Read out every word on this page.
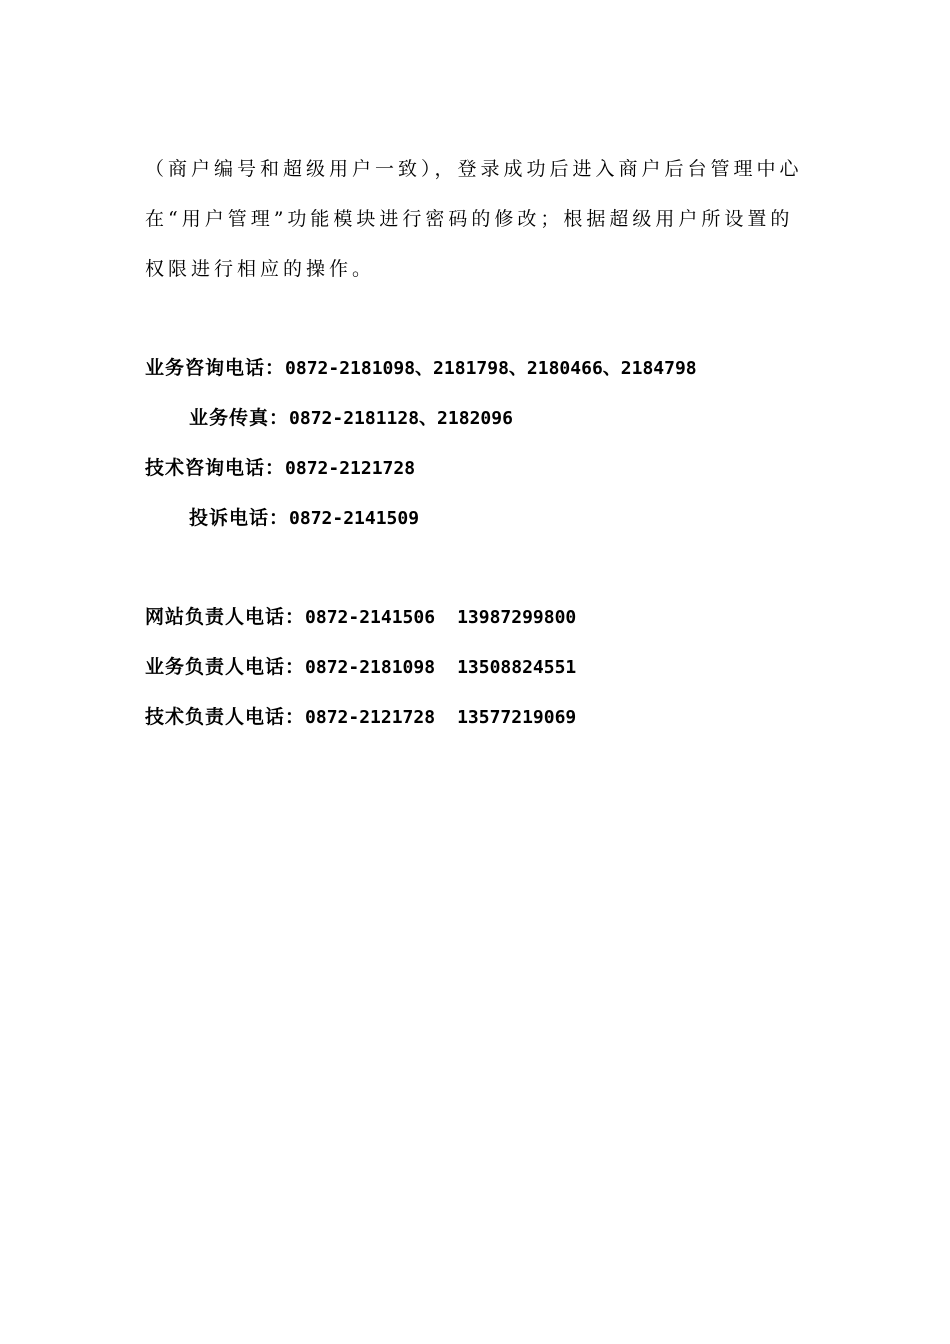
（商户编号和超级用户一致），登录成功后进入商户后台管理中心
在“用户管理”功能模块进行密码的修改；根据超级用户所设置的
权限进行相应的操作。
业务咨询电话：0872-2181098、2181798、2180466、2184798
业务传真：0872-2181128、2182096
技术咨询电话：0872-2121728
投诉电话：0872-2141509
网站负责人电话：0872-2141506 13987299800
业务负责人电话：0872-2181098 13508824551
技术负责人电话：0872-2121728 13577219069
